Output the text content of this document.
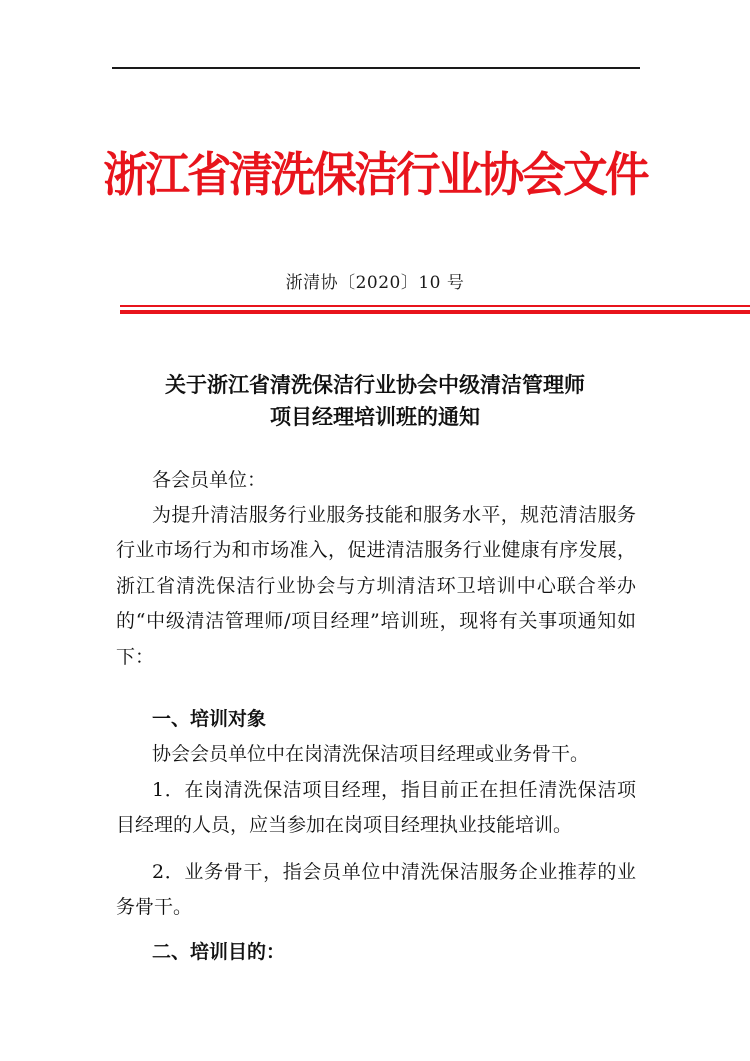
浙江省清洗保洁行业协会文件
浙清协〔2020〕10 号
关于浙江省清洗保洁行业协会中级清洁管理师
项目经理培训班的通知
各会员单位：
为提升清洁服务行业服务技能和服务水平，规范清洁服务行业市场行为和市场准入，促进清洁服务行业健康有序发展，浙江省清洗保洁行业协会与方圳清洁环卫培训中心联合举办的“中级清洁管理师/项目经理”培训班，现将有关事项通知如下：
一、培训对象
协会会员单位中在岗清洗保洁项目经理或业务骨干。
1．在岗清洗保洁项目经理，指目前正在担任清洗保洁项目经理的人员，应当参加在岗项目经理执业技能培训。
2．业务骨干，指会员单位中清洗保洁服务企业推荐的业务骨干。
二、培训目的：
